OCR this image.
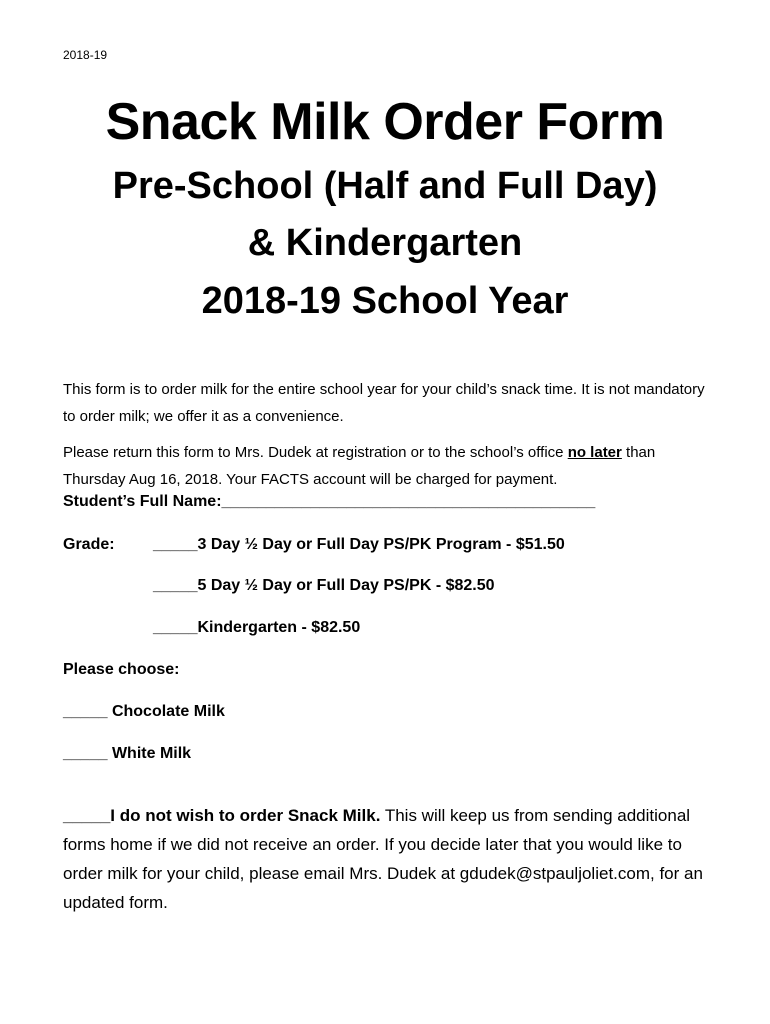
2018-19
Snack Milk Order Form
Pre-School (Half and Full Day)
& Kindergarten
2018-19 School Year

This form is to order milk for the entire school year for your child’s snack time. It is not mandatory to order milk; we offer it as a convenience.

Please return this form to Mrs. Dudek at registration or to the school’s office no later than Thursday Aug 16, 2018. Your FACTS account will be charged for payment.

Student’s Full Name:__________________________________________
Grade: _____3 Day ½ Day or Full Day PS/PK Program - $51.50
_____5 Day ½ Day or Full Day PS/PK - $82.50
_____Kindergarten - $82.50
Please choose:
_____ Chocolate Milk
_____ White Milk

_____I do not wish to order Snack Milk. This will keep us from sending additional forms home if we did not receive an order. If you decide later that you would like to order milk for your child, please email Mrs. Dudek at gdudek@stpauljoliet.com, for an updated form.
